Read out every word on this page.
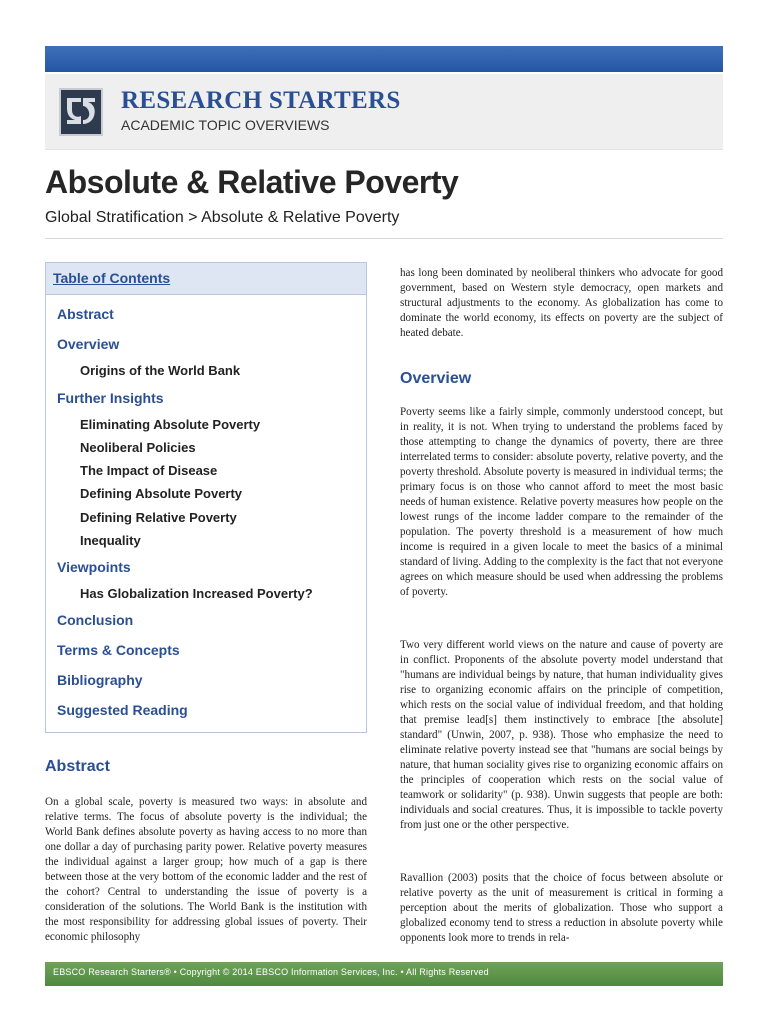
RESEARCH STARTERS
ACADEMIC TOPIC OVERVIEWS
Absolute & Relative Poverty
Global Stratification > Absolute & Relative Poverty
Table of Contents
Abstract
Overview
Origins of the World Bank
Further Insights
Eliminating Absolute Poverty
Neoliberal Policies
The Impact of Disease
Defining Absolute Poverty
Defining Relative Poverty
Inequality
Viewpoints
Has Globalization Increased Poverty?
Conclusion
Terms & Concepts
Bibliography
Suggested Reading
Abstract

On a global scale, poverty is measured two ways: in absolute and relative terms. The focus of absolute poverty is the individual; the World Bank defines absolute poverty as having access to no more than one dollar a day of purchasing parity power. Relative poverty measures the individual against a larger group; how much of a gap is there between those at the very bottom of the economic ladder and the rest of the cohort? Central to understanding the issue of poverty is a consideration of the solutions. The World Bank is the institution with the most responsibility for addressing global issues of poverty. Their economic philosophy

has long been dominated by neoliberal thinkers who advocate for good government, based on Western style democracy, open markets and structural adjustments to the economy. As globalization has come to dominate the world economy, its effects on poverty are the subject of heated debate.

Overview

Poverty seems like a fairly simple, commonly understood concept, but in reality, it is not. When trying to understand the problems faced by those attempting to change the dynamics of poverty, there are three interrelated terms to consider: absolute poverty, relative poverty, and the poverty threshold. Absolute poverty is measured in individual terms; the primary focus is on those who cannot afford to meet the most basic needs of human existence. Relative poverty measures how people on the lowest rungs of the income ladder compare to the remainder of the population. The poverty threshold is a measurement of how much income is required in a given locale to meet the basics of a minimal standard of living. Adding to the complexity is the fact that not everyone agrees on which measure should be used when addressing the problems of poverty.

Two very different world views on the nature and cause of poverty are in conflict. Proponents of the absolute poverty model understand that "humans are individual beings by nature, that human individuality gives rise to organizing economic affairs on the principle of competition, which rests on the social value of individual freedom, and that holding that premise lead[s] them instinctively to embrace [the absolute] standard" (Unwin, 2007, p. 938). Those who emphasize the need to eliminate relative poverty instead see that "humans are social beings by nature, that human sociality gives rise to organizing economic affairs on the principles of cooperation which rests on the social value of teamwork or solidarity" (p. 938). Unwin suggests that people are both: individuals and social creatures. Thus, it is impossible to tackle poverty from just one or the other perspective.

Ravallion (2003) posits that the choice of focus between absolute or relative poverty as the unit of measurement is critical in forming a perception about the merits of globalization. Those who support a globalized economy tend to stress a reduction in absolute poverty while opponents look more to trends in rela-

EBSCO Research Starters® • Copyright © 2014 EBSCO Information Services, Inc. • All Rights Reserved
